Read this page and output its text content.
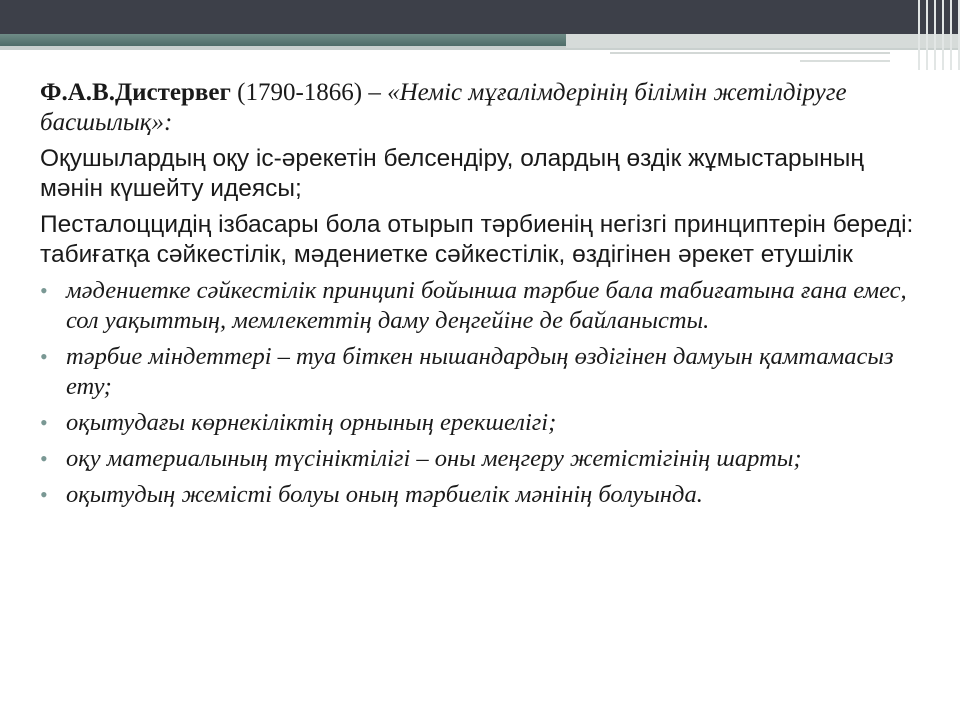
Ф.А.В.Дистервег (1790-1866) – «Неміс мұғалімдерінің білімін жетілдіруге басшылық»:

Оқушылардың оқу іс-әрекетін белсендіру, олардың өздік жұмыстарының мәнін күшейту идеясы;

Песталоццидің ізбасары бола отырып тәрбиенің негізгі принциптерін береді: табиғатқа сәйкестілік, мәдениетке сәйкестілік, өздігінен әрекет етушілік

• мәдениетке сәйкестілік принципі бойынша тәрбие бала табиғатына ғана емес, сол уақыттың, мемлекеттің даму деңгейіне де байланысты.
• тәрбие міндеттері – туа біткен нышандардың өздігінен дамуын қамтамасыз ету;
• оқытудағы көрнекіліктің орнының ерекшелігі;
• оқу материалының түсініктілігі – оны меңгеру жетістігінің шарты;
• оқытудың жемісті болуы оның тәрбиелік мәнінің болуында.
